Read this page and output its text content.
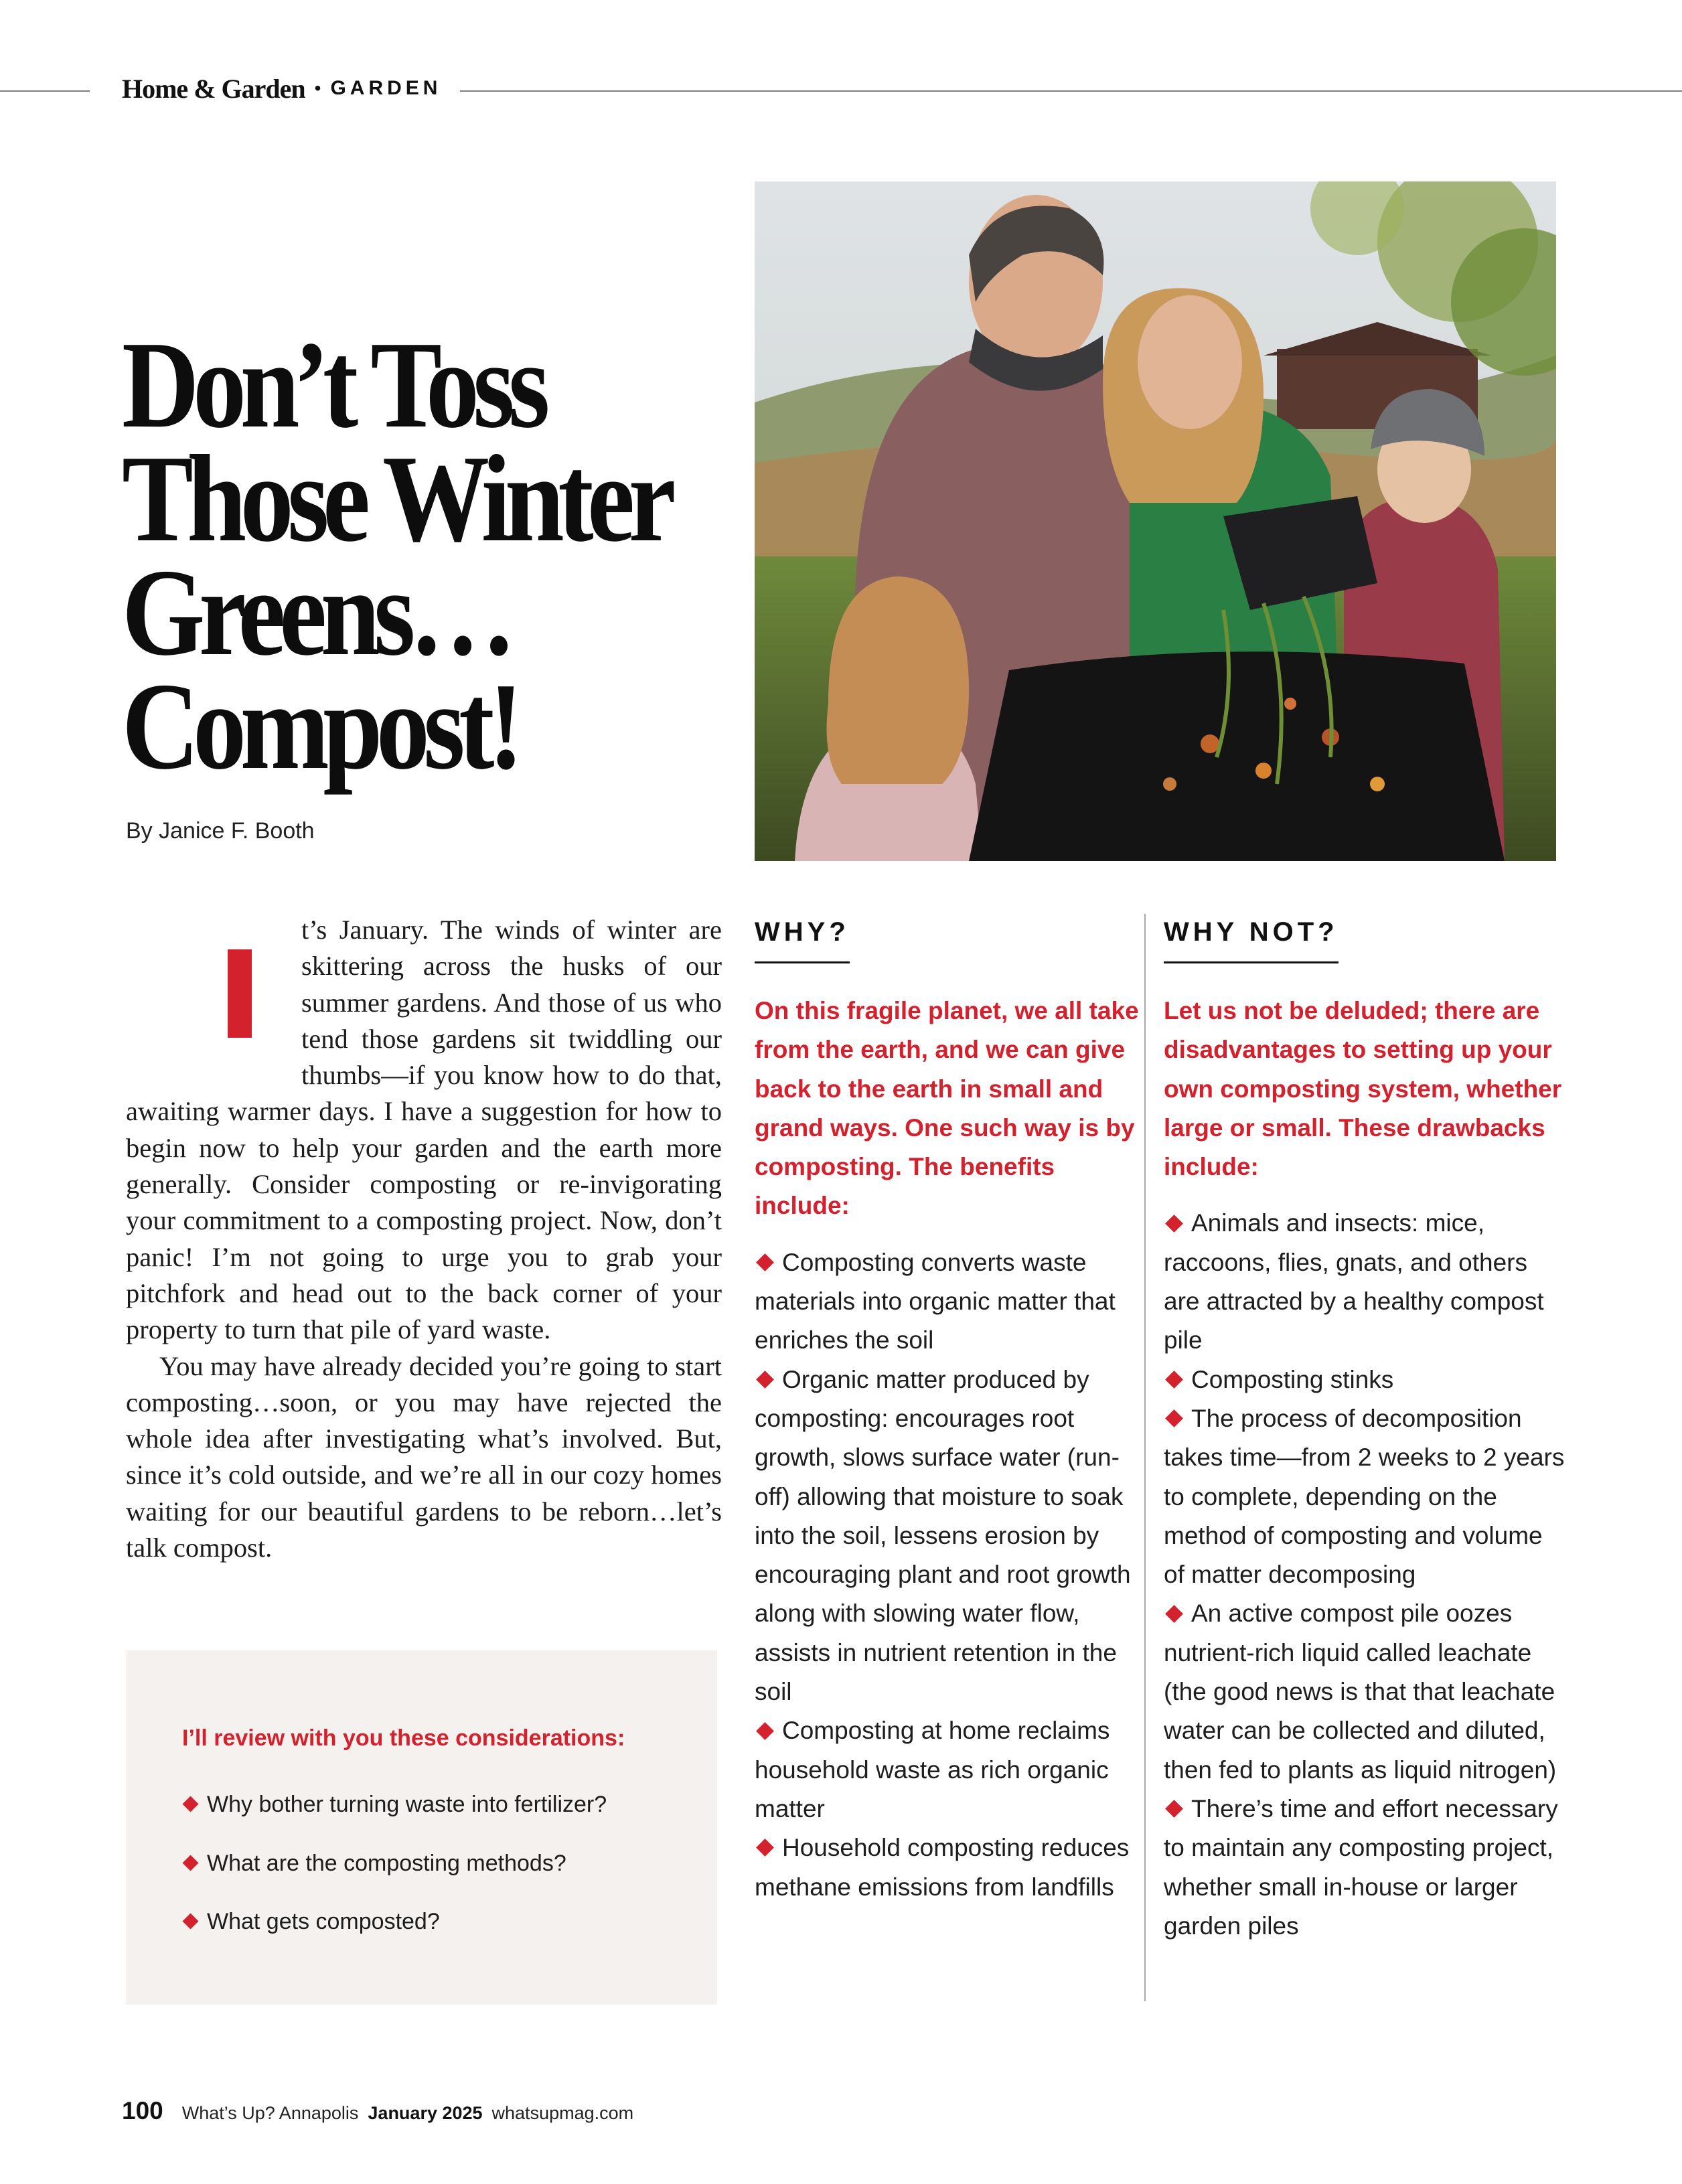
Home & Garden • GARDEN
Don’t Toss
Those Winter
Greens…
Compost!
By Janice F. Booth

t’s January. The winds of winter are skittering across the husks of our summer gardens. And those of us who tend those gardens sit twiddling our thumbs—if you know how to do that, awaiting warmer days. I have a suggestion for how to begin now to help your garden and the earth more generally. Consider composting or re-invigorating your commitment to a composting project. Now, don’t panic! I’m not going to urge you to grab your pitchfork and head out to the back corner of your property to turn that pile of yard waste.

You may have already decided you’re going to start composting…soon, or you may have rejected the whole idea after investigating what’s involved. But, since it’s cold outside, and we’re all in our cozy homes waiting for our beautiful gardens to be reborn…let’s talk compost.

I’ll review with you these considerations:
Why bother turning waste into fertilizer?
What are the composting methods?
What gets composted?
WHY?
On this fragile planet, we all take from the earth, and we can give back to the earth in small and grand ways. One such way is by composting. The benefits include:
Composting converts waste materials into organic matter that enriches the soil
Organic matter produced by composting: encourages root growth, slows surface water (run-off) allowing that moisture to soak into the soil, lessens erosion by encouraging plant and root growth along with slowing water flow, assists in nutrient retention in the soil
Composting at home reclaims household waste as rich organic matter
Household composting reduces methane emissions from landfills
WHY NOT?
Let us not be deluded; there are disadvantages to setting up your own composting system, whether large or small. These drawbacks include:
Animals and insects: mice, raccoons, flies, gnats, and others are attracted by a healthy compost pile
Composting stinks
The process of decomposition takes time—from 2 weeks to 2 years to complete, depending on the method of composting and volume of matter decomposing
An active compost pile oozes nutrient-rich liquid called leachate (the good news is that that leachate water can be collected and diluted, then fed to plants as liquid nitrogen)
There’s time and effort necessary to maintain any composting project, whether small in-house or larger garden piles
100 What’s Up? Annapolis January 2025 whatsupmag.com
